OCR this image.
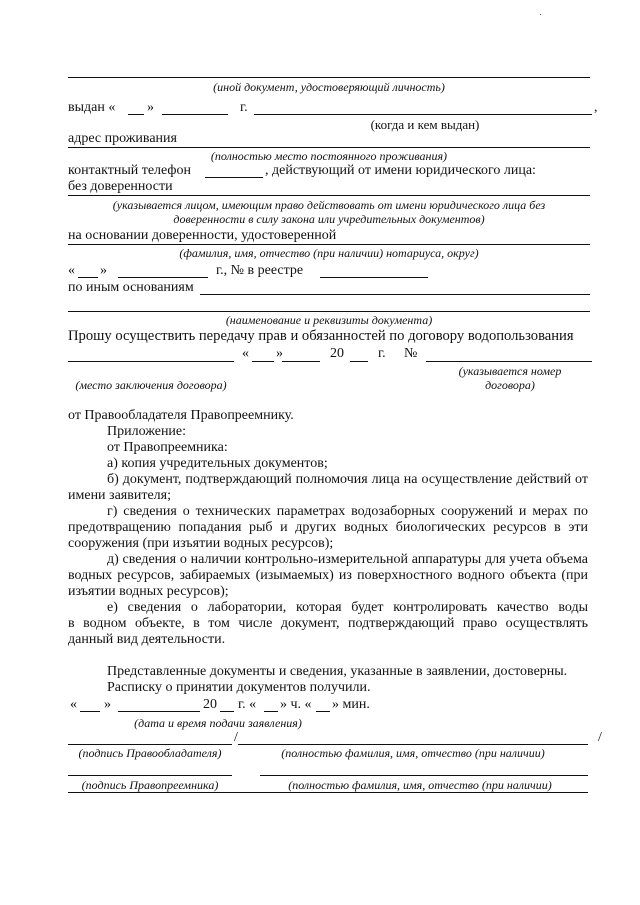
(иной документ, удостоверяющий личность)
выдан « »	г.	,
(когда и кем выдан)
адрес проживания
(полностью место постоянного проживания)
контактный телефон	, действующий от имени юридического лица:
без доверенности
(указывается лицом, имеющим право действовать от имени юридического лица без
доверенности в силу закона или учредительных документов)
на основании доверенности, удостоверенной
(фамилия, имя, отчество (при наличии) нотариуса, округ)
« »	г., № в реестре
по иным основаниям
(наименование и реквизиты документа)
Прошу осуществить передачу прав и обязанностей по договору водопользования
« »	20 г. №
(указывается номер
договора)
(место заключения договора)
от Правообладателя Правопреемнику.
Приложение:
от Правопреемника:
а) копия учредительных документов;
б) документ, подтверждающий полномочия лица на осуществление действий от
имени заявителя;
г) сведения о технических параметрах водозаборных сооружений и мерах по
предотвращению попадания рыб и других водных биологических ресурсов в эти
сооружения (при изъятии водных ресурсов);
д) сведения о наличии контрольно-измерительной аппаратуры для учета объема
водных ресурсов, забираемых (изымаемых) из поверхностного водного объекта (при
изъятии водных ресурсов);
е) сведения о лаборатории, которая будет контролировать качество воды
в водном объекте, в том числе документ, подтверждающий право осуществлять
данный вид деятельности.
Представленные документы и сведения, указанные в заявлении, достоверны.
Расписку о принятии документов получили.
« »	20 г. « » ч. « » мин.
(дата и время подачи заявления)
/	/
(подпись Правообладателя)	(полностью фамилия, имя, отчество (при наличии)
(подпись Правопреемника)	(полностью фамилия, имя, отчество (при наличии)
